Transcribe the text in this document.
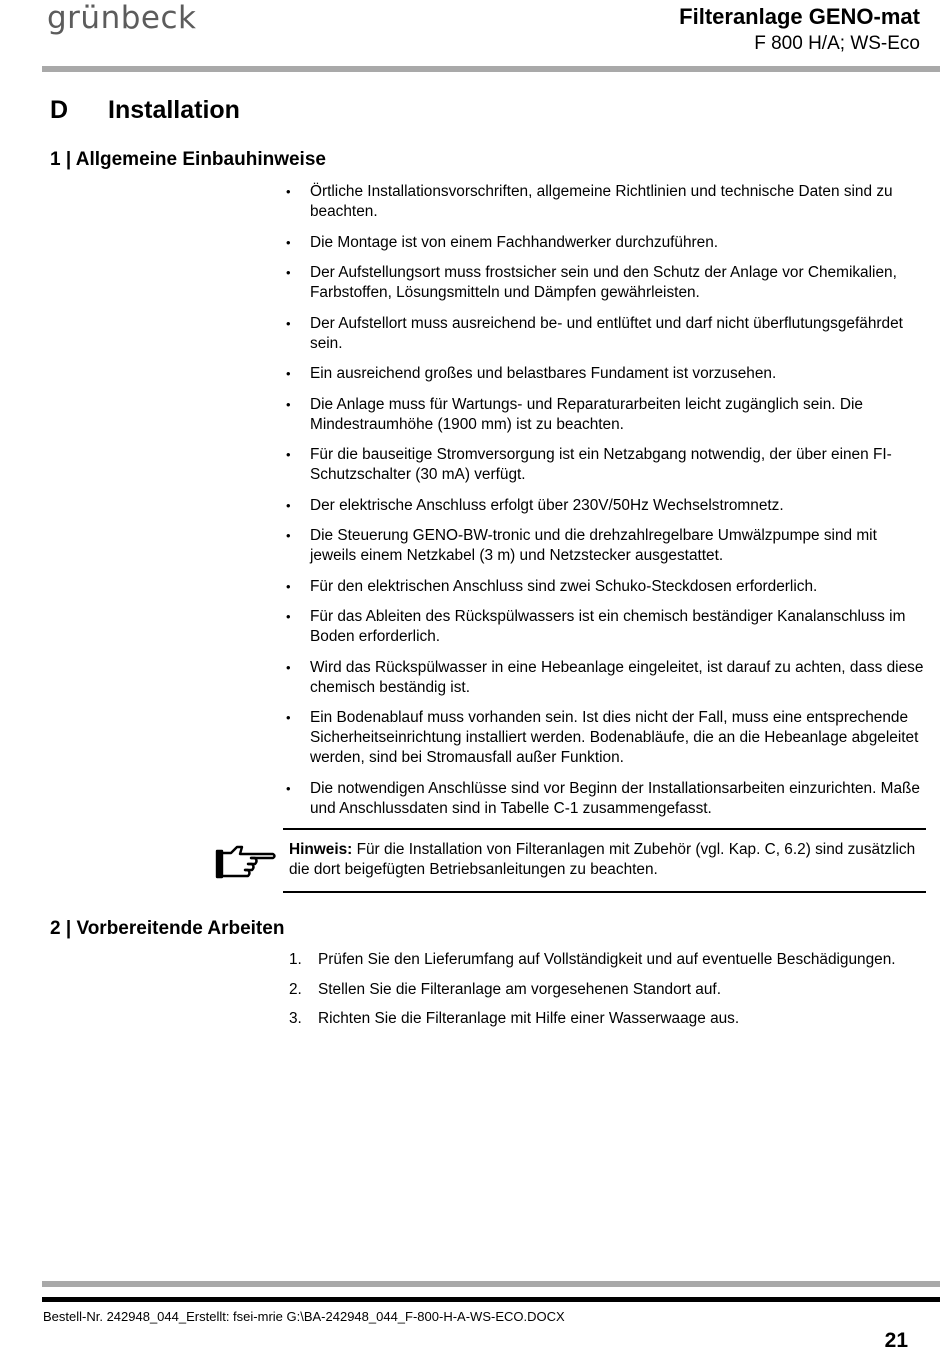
grünbeck	Filteranlage GENO-mat
F 800 H/A; WS-Eco
D Installation
1 | Allgemeine Einbauhinweise
• Örtliche Installationsvorschriften, allgemeine Richtlinien und technische Daten sind zu beachten.
• Die Montage ist von einem Fachhandwerker durchzuführen.
• Der Aufstellungsort muss frostsicher sein und den Schutz der Anlage vor Chemikalien, Farbstoffen, Lösungsmitteln und Dämpfen gewährleisten.
• Der Aufstellort muss ausreichend be- und entlüftet und darf nicht überflutungsgefährdet sein.
• Ein ausreichend großes und belastbares Fundament ist vorzusehen.
• Die Anlage muss für Wartungs- und Reparaturarbeiten leicht zugänglich sein. Die Mindestraumhöhe (1900 mm) ist zu beachten.
• Für die bauseitige Stromversorgung ist ein Netzabgang notwendig, der über einen FI-Schutzschalter (30 mA) verfügt.
• Der elektrische Anschluss erfolgt über 230V/50Hz Wechselstromnetz.
• Die Steuerung GENO-BW-tronic und die drehzahlregelbare Umwälzpumpe sind mit jeweils einem Netzkabel (3 m) und Netzstecker ausgestattet.
• Für den elektrischen Anschluss sind zwei Schuko-Steckdosen erforderlich.
• Für das Ableiten des Rückspülwassers ist ein chemisch beständiger Kanalanschluss im Boden erforderlich.
• Wird das Rückspülwasser in eine Hebeanlage eingeleitet, ist darauf zu achten, dass diese chemisch beständig ist.
• Ein Bodenablauf muss vorhanden sein. Ist dies nicht der Fall, muss eine entsprechende Sicherheitseinrichtung installiert werden. Bodenabläufe, die an die Hebeanlage abgeleitet werden, sind bei Stromausfall außer Funktion.
• Die notwendigen Anschlüsse sind vor Beginn der Installationsarbeiten einzurichten. Maße und Anschlussdaten sind in Tabelle C-1 zusammengefasst.
Hinweis: Für die Installation von Filteranlagen mit Zubehör (vgl. Kap. C, 6.2) sind zusätzlich die dort beigefügten Betriebsanleitungen zu beachten.
2 | Vorbereitende Arbeiten
1. Prüfen Sie den Lieferumfang auf Vollständigkeit und auf eventuelle Beschädigungen.
2. Stellen Sie die Filteranlage am vorgesehenen Standort auf.
3. Richten Sie die Filteranlage mit Hilfe einer Wasserwaage aus.
Bestell-Nr. 242948_044_Erstellt: fsei-mrie G:\BA-242948_044_F-800-H-A-WS-ECO.DOCX
21
